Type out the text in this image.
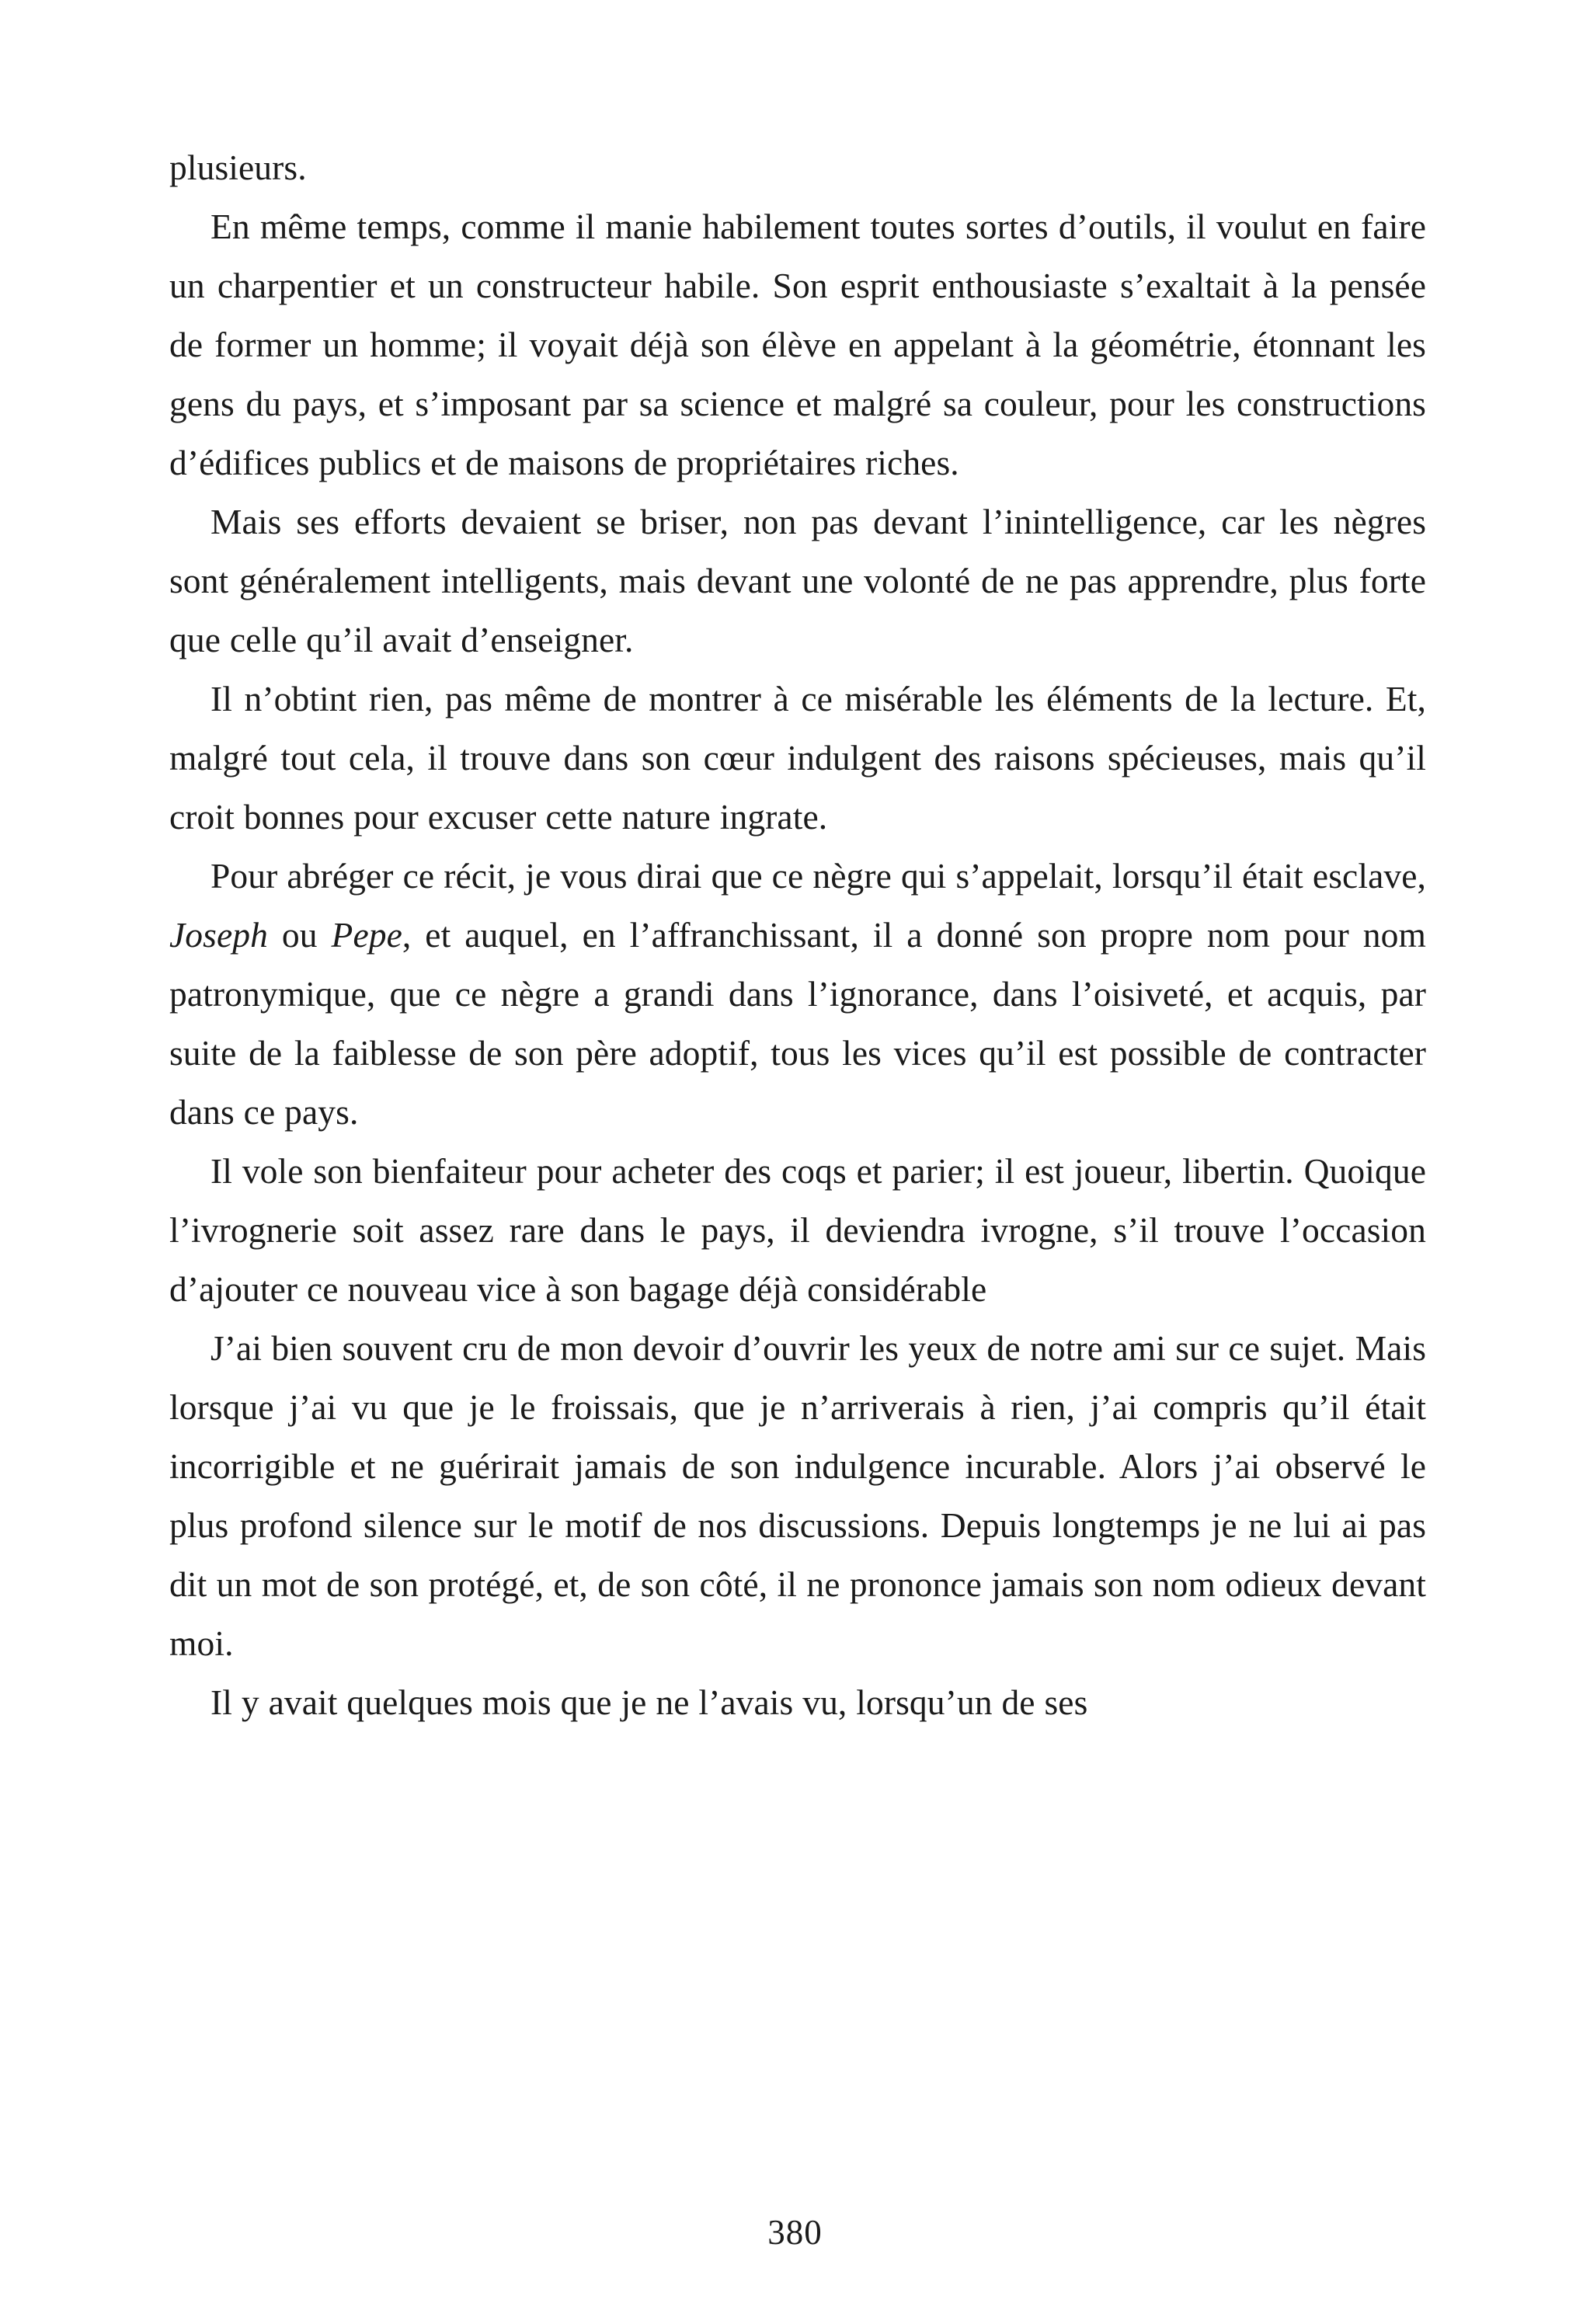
plusieurs.

En même temps, comme il manie habilement toutes sortes d’outils, il voulut en faire un charpentier et un constructeur habile. Son esprit enthousiaste s’exaltait à la pensée de former un homme; il voyait déjà son élève en appelant à la géométrie, étonnant les gens du pays, et s’imposant par sa science et malgré sa couleur, pour les constructions d’édifices publics et de maisons de propriétaires riches.

Mais ses efforts devaient se briser, non pas devant l’inintelligence, car les nègres sont généralement intelligents, mais devant une volonté de ne pas apprendre, plus forte que celle qu’il avait d’enseigner.

Il n’obtint rien, pas même de montrer à ce misérable les éléments de la lecture. Et, malgré tout cela, il trouve dans son cœur indulgent des raisons spécieuses, mais qu’il croit bonnes pour excuser cette nature ingrate.

Pour abréger ce récit, je vous dirai que ce nègre qui s’appelait, lorsqu’il était esclave, Joseph ou Pepe, et auquel, en l’affranchissant, il a donné son propre nom pour nom patronymique, que ce nègre a grandi dans l’ignorance, dans l’oisiveté, et acquis, par suite de la faiblesse de son père adoptif, tous les vices qu’il est possible de contracter dans ce pays.

Il vole son bienfaiteur pour acheter des coqs et parier; il est joueur, libertin. Quoique l’ivrognerie soit assez rare dans le pays, il deviendra ivrogne, s’il trouve l’occasion d’ajouter ce nouveau vice à son bagage déjà considérable

J’ai bien souvent cru de mon devoir d’ouvrir les yeux de notre ami sur ce sujet. Mais lorsque j’ai vu que je le froissais, que je n’arriverais à rien, j’ai compris qu’il était incorrigible et ne guérirait jamais de son indulgence incurable. Alors j’ai observé le plus profond silence sur le motif de nos discussions. Depuis longtemps je ne lui ai pas dit un mot de son protégé, et, de son côté, il ne prononce jamais son nom odieux devant moi.

Il y avait quelques mois que je ne l’avais vu, lorsqu’un de ses

380
